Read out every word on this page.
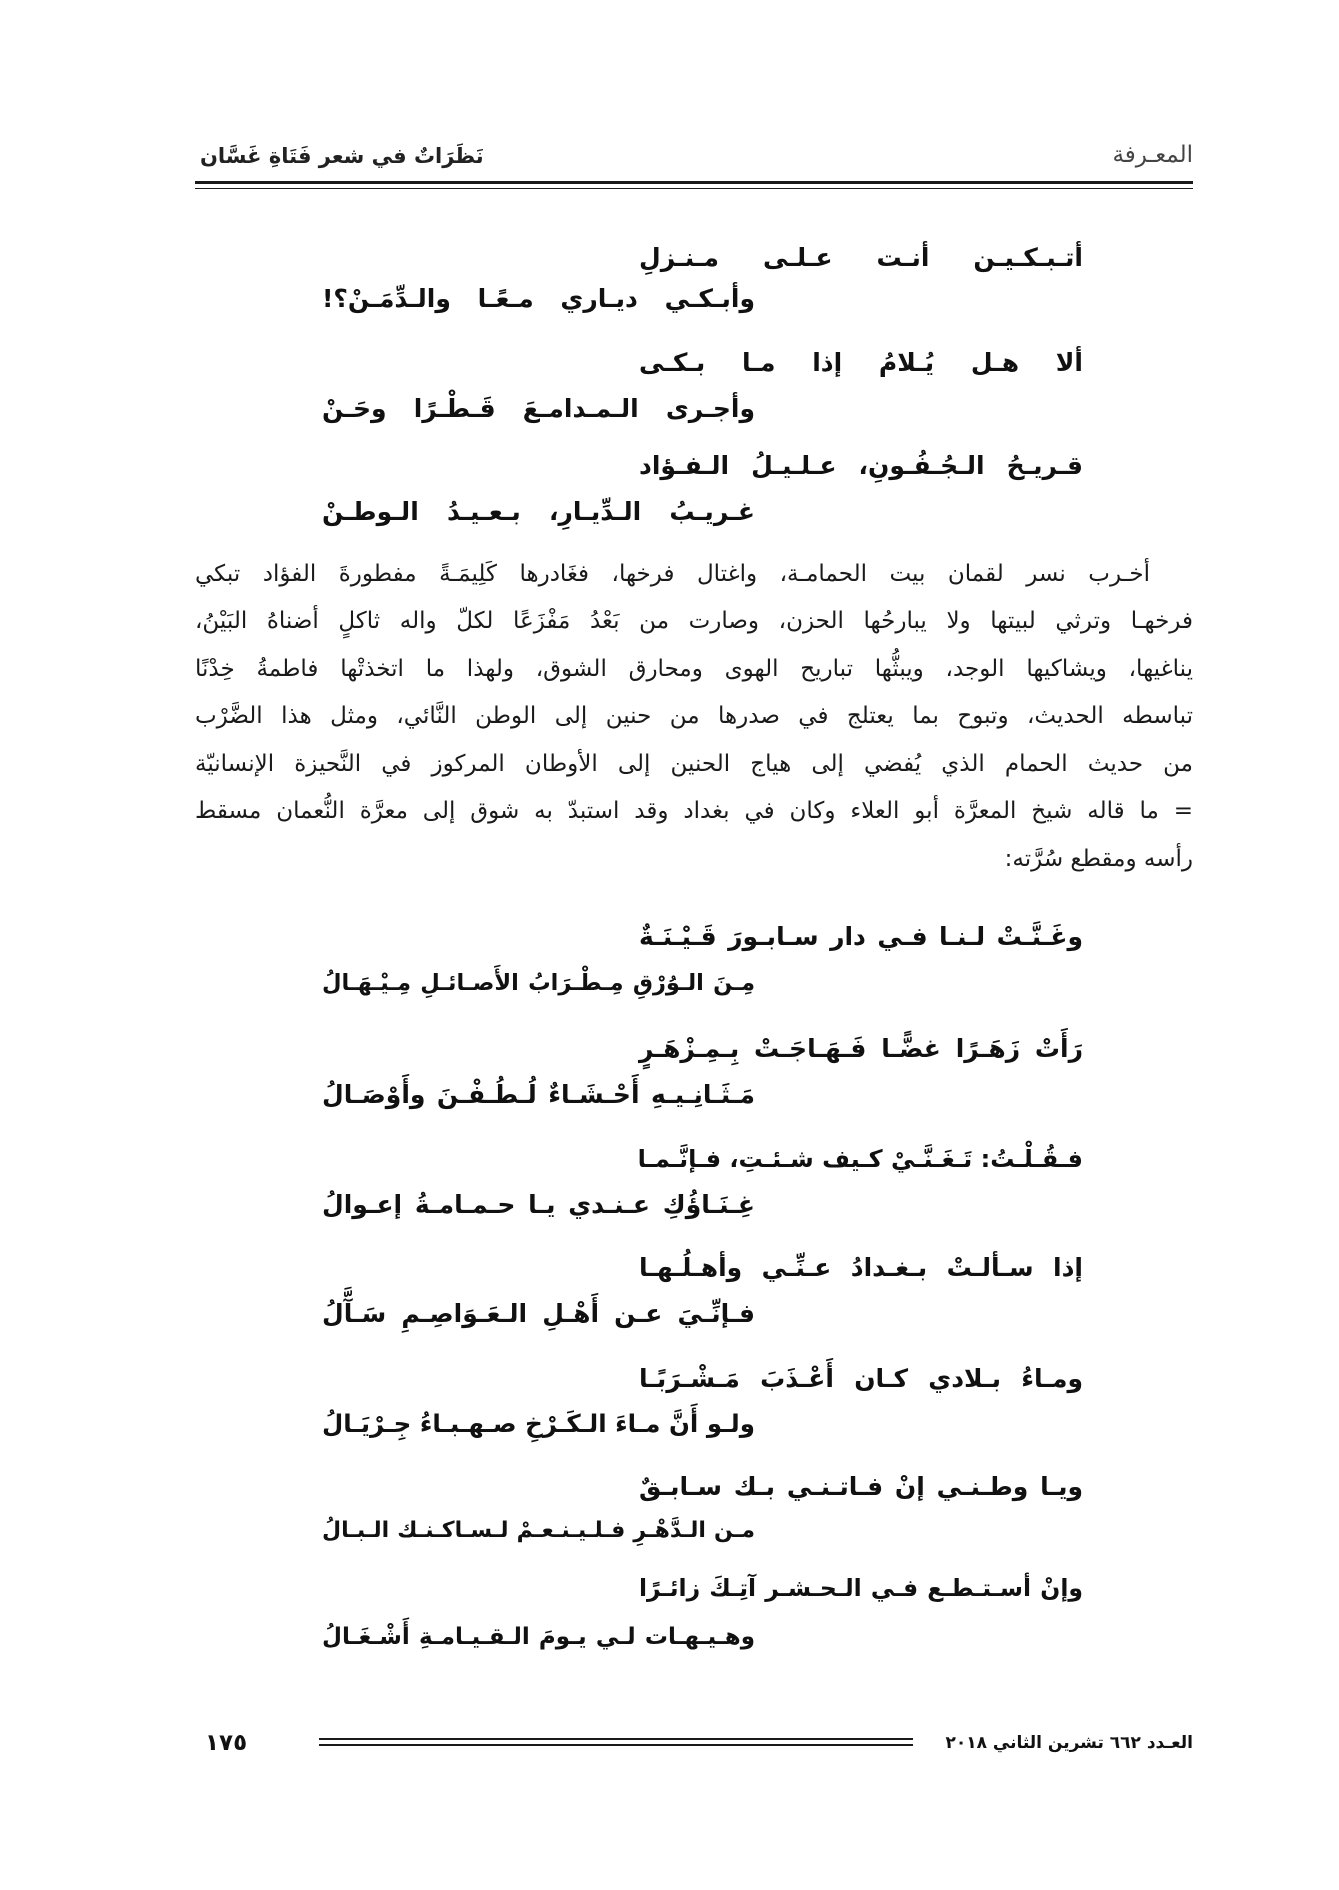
المعـرفة
نَظَرَاتٌ في شعر فَتَاةِ غَسَّان
أتـبـكـيـن أنـت عـلـى مـنـزلِ
وأبـكـي ديـاري مـعًـا والـدِّمَـنْ؟!
ألا هـل يُـلامُ إذا مـا بـكـى
وأجـرى الـمـدامـعَ قَـطْـرًا وحَـنْ
قـريـحُ الـجُـفُـونِ، عـلـيـلُ الـفـؤاد
غـريـبُ الـدِّيـارِ، بـعـيـدُ الـوطـنْ
أخـرب نسر لقمان بيت الحمامـة، واغتال فرخها، فغَادرها كَلِيمَـةً مفطورةَ الفؤاد تبكي
فرخهـا وترثي لبيتها ولا يبارحُها الحزن، وصارت من بَعْدُ مَفْزَعًا لكلّ واله ثاكلٍ أضناهُ البَيْنُ،
يناغيها، ويشاكيها الوجد، ويبثُّها تباريح الهوى ومحارق الشوق، ولهذا ما اتخذتْها فاطمةُ خِدْنًا
تباسطه الحديث، وتبوح بما يعتلج في صدرها من حنين إلى الوطن النَّائي، ومثل هذا الضَّرْب
من حديث الحمام الذي يُفضي إلى هياج الحنين إلى الأوطان المركوز في النَّحيزة الإنسانيّة
= ما قاله شيخ المعرَّة أبو العلاء وكان في بغداد وقد استبدّ به شوق إلى معرَّة النُّعمان مسقط
رأسه ومقطع سُرَّته:
وغَـنَّـتْ لـنـا فـي دار سـابـورَ قَـيْـنَـةٌ
مِـنَ الـوُرْقِ مِـطْـرَابُ الأَصـائـلِ مِـيْـهَـالُ
رَأَتْ زَهَـرًا غضًّـا فَـهَـاجَـتْ بِـمِـزْهَـرٍ
مَـثَـانِـيـهِ أَحْـشَـاءٌ لُـطُـفْـنَ وأَوْصَـالُ
فـقُـلْـتُ: تَـغَـنَّـيْ كـيف شـئـتِ، فـإنَّـمـا
غِـنَـاؤُكِ عـنـدي يـا حـمـامـةُ إعـوالُ
إذا سـألـتْ بـغـدادُ عـنِّـي وأهـلُـهـا
فـإنِّـيَ عـن أَهْـلِ الـعَـوَاصِـمِ سَـآَّلُ
ومـاءُ بـلادي كـان أَعْـذَبَ مَـشْـرَبًـا
ولـو أَنَّ مـاءَ الـكَـرْخِ صـهـبـاءُ جِـرْيَـالُ
ويـا وطـنـي إنْ فـاتـنـي بـك سـابـقٌ
مـن الـدَّهْـرِ فـلـيـنـعـمْ لـسـاكـنـك الـبـالُ
وإنْ أسـتـطـع فـي الـحـشـر آتِـكَ زائـرًا
وهـيـهـات لـي يـومَ الـقـيـامـةِ أَشْـغَـالُ
١٧٥	العـدد ٦٦٢ تشرين الثاني ٢٠١٨
